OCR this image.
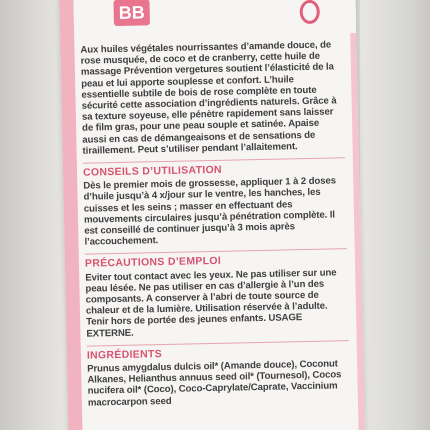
BB

Aux huiles végétales nourrissantes d’amande douce, de rose musquée, de coco et de cranberry, cette huile de massage Prévention vergetures soutient l’élasticité de la peau et lui apporte souplesse et confort. L’huile essentielle subtile de bois de rose complète en toute sécurité cette association d’ingrédients naturels. Grâce à sa texture soyeuse, elle pénètre rapidement sans laisser de film gras, pour une peau souple et satinée. Apaise aussi en cas de démangeaisons et de sensations de tiraillement. Peut s’utiliser pendant l’allaitement.

CONSEILS D’UTILISATION

Dès le premier mois de grossesse, appliquer 1 à 2 doses d’huile jusqu’à 4 x/jour sur le ventre, les hanches, les cuisses et les seins ; masser en effectuant des mouvements circulaires jusqu’à pénétration complète. Il est conseillé de continuer jusqu’à 3 mois après l’accouchement.

PRÉCAUTIONS D’EMPLOI

Eviter tout contact avec les yeux. Ne pas utiliser sur une peau lésée. Ne pas utiliser en cas d’allergie à l’un des composants. A conserver à l’abri de toute source de chaleur et de la lumière. Utilisation réservée à l’adulte. Tenir hors de portée des jeunes enfants. USAGE EXTERNE.

INGRÉDIENTS

Prunus amygdalus dulcis oil* (Amande douce), Coconut Alkanes, Helianthus annuus seed oil* (Tournesol), Cocos nucifera oil* (Coco), Coco-Caprylate/Caprate, Vaccinium macrocarpon seed
